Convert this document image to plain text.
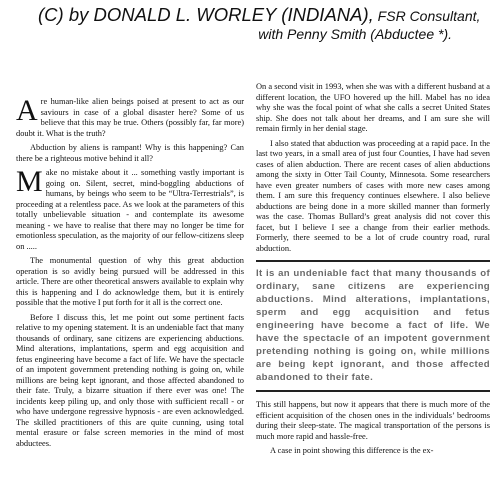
(C) by DONALD L. WORLEY (INDIANA), FSR Consultant,
with Penny Smith (Abductee *).

Are human-like alien beings poised at present to act as our saviours in case of a global disaster here? Some of us believe that this may be true. Others (possibly far, far more) doubt it. What is the truth?

Abduction by aliens is rampant! Why is this happening? Can there be a righteous motive behind it all?

Make no mistake about it ... something vastly important is going on. Silent, secret, mind-boggling abductions of humans, by beings who seem to be “Ultra-Terrestrials”, is proceeding at a relentless pace. As we look at the parameters of this totally unbelievable situation - and contemplate its awesome meaning - we have to realise that there may no longer be time for emotionless speculation, as the majority of our fellow-citizens sleep on .....

The monumental question of why this great abduction operation is so avidly being pursued will be addressed in this article. There are other theoretical answers available to explain why this is happening and I do acknowledge them, but it is entirely possible that the motive I put forth for it all is the correct one.

Before I discuss this, let me point out some pertinent facts relative to my opening statement. It is an undeniable fact that many thousands of ordinary, sane citizens are experiencing abductions. Mind alterations, implantations, sperm and egg acquisition and fetus engineering have become a fact of life. We have the spectacle of an impotent government pretending nothing is going on, while millions are being kept ignorant, and those affected abandoned to their fate. Truly, a bizarre situation if there ever was one! The incidents keep piling up, and only those with sufficient recall - or who have undergone regressive hypnosis - are even acknowledged. The skilled practitioners of this are quite cunning, using total mental erasure or false screen memories in the mind of most abductees.

On a second visit in 1993, when she was with a different husband at a different location, the UFO hovered up the hill. Mabel has no idea why she was the focal point of what she calls a secret United States ship. She does not talk about her dreams, and I am sure she will remain firmly in her denial stage.

I also stated that abduction was proceeding at a rapid pace. In the last two years, in a small area of just four Counties, I have had seven cases of alien abduction. There are recent cases of alien abductions among the sixty in Otter Tail County, Minnesota. Some researchers have even greater numbers of cases with more new cases among them. I am sure this frequency continues elsewhere. I also believe abductions are being done in a more skilled manner than formerly was the case. Thomas Bullard’s great analysis did not cover this facet, but I believe I see a change from their earlier methods. Formerly, there seemed to be a lot of crude country road, rural abduction.

It is an undeniable fact that many thousands of ordinary, sane citizens are experiencing abductions. Mind alterations, implantations, sperm and egg acquisition and fetus engineering have become a fact of life. We have the spectacle of an impotent government pretending nothing is going on, while millions are being kept ignorant, and those affected abandoned to their fate.

This still happens, but now it appears that there is much more of the efficient acquisition of the chosen ones in the individuals’ bedrooms during their sleep-state. The magical transportation of the persons is much more rapid and hassle-free.

A case in point showing this difference is the ex-
